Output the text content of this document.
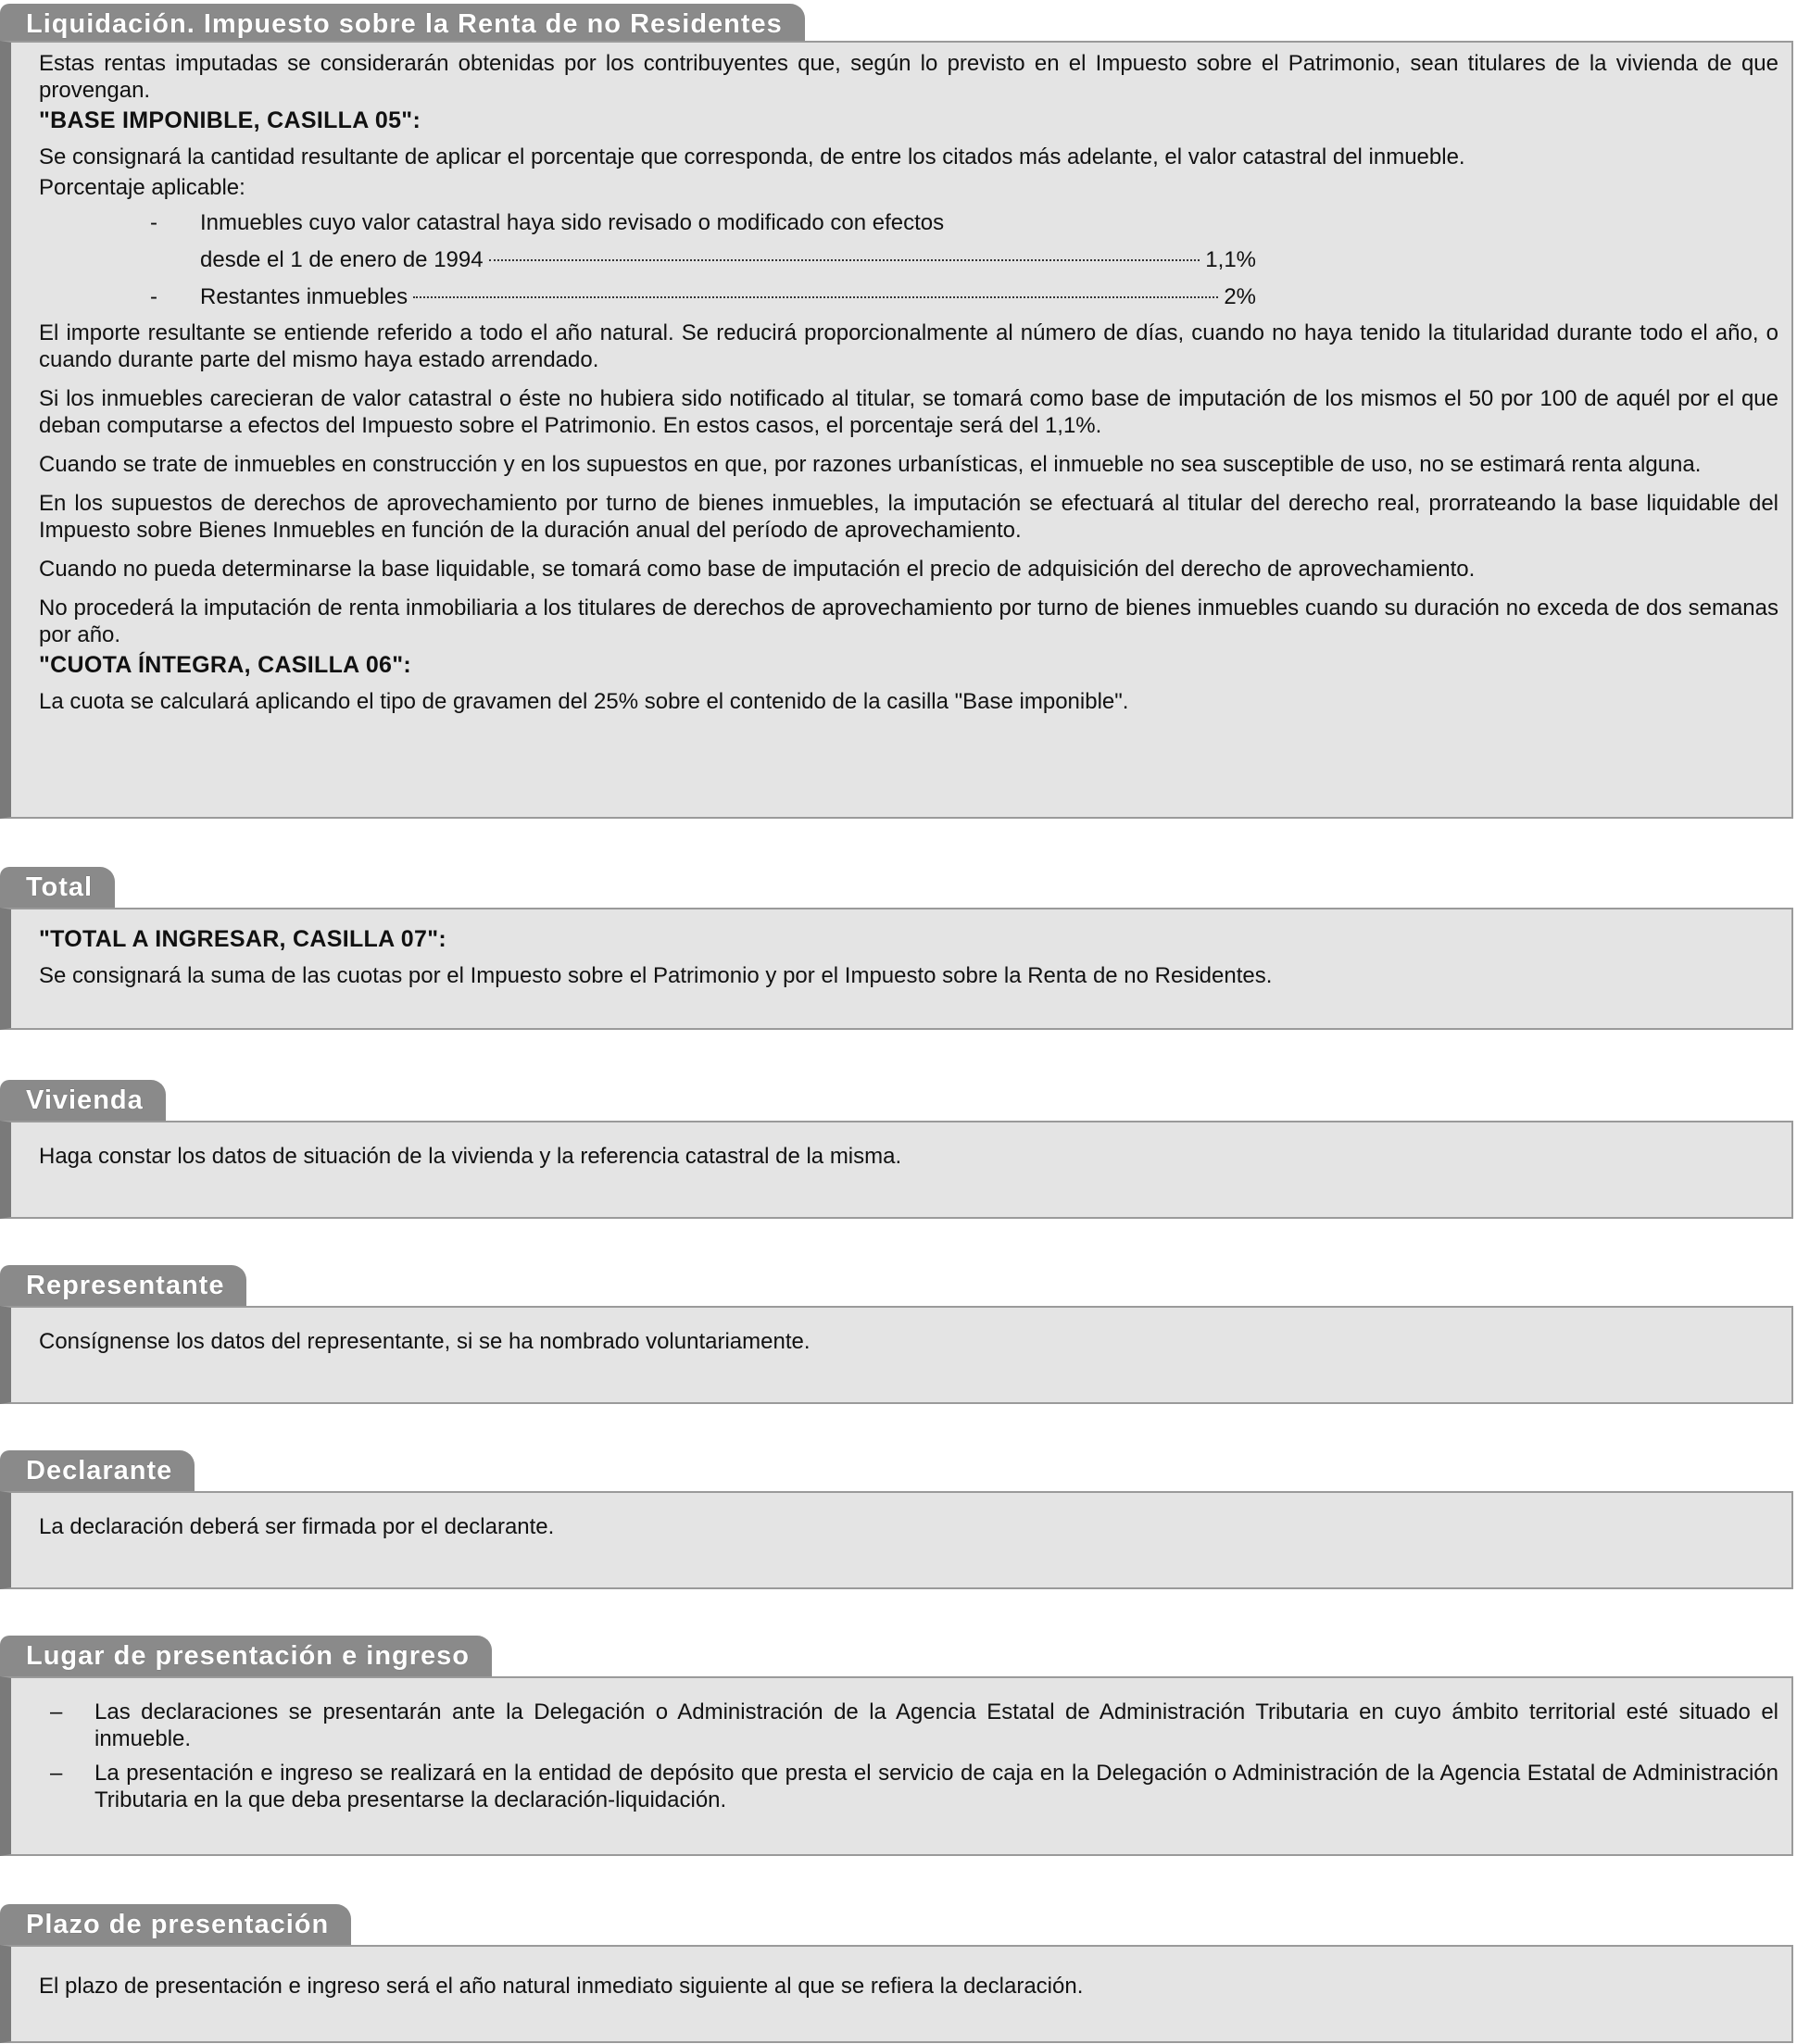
Liquidación. Impuesto sobre la Renta de no Residentes

Estas rentas imputadas se considerarán obtenidas por los contribuyentes que, según lo previsto en el Impuesto sobre el Patrimonio, sean titulares de la vivienda de que provengan.

"BASE IMPONIBLE, CASILLA 05":

Se consignará la cantidad resultante de aplicar el porcentaje que corresponda, de entre los citados más adelante, el valor catastral del inmueble.

Porcentaje aplicable:

- Inmuebles cuyo valor catastral haya sido revisado o modificado con efectos
desde el 1 de enero de 1994	1,1%
- Restantes inmuebles	2%

El importe resultante se entiende referido a todo el año natural. Se reducirá proporcionalmente al número de días, cuando no haya tenido la titularidad durante todo el año, o cuando durante parte del mismo haya estado arrendado.

Si los inmuebles carecieran de valor catastral o éste no hubiera sido notificado al titular, se tomará como base de imputación de los mismos el 50 por 100 de aquél por el que deban computarse a efectos del Impuesto sobre el Patrimonio. En estos casos, el porcentaje será del 1,1%.

Cuando se trate de inmuebles en construcción y en los supuestos en que, por razones urbanísticas, el inmueble no sea susceptible de uso, no se estimará renta alguna.

En los supuestos de derechos de aprovechamiento por turno de bienes inmuebles, la imputación se efectuará al titular del derecho real, prorrateando la base liquidable del Impuesto sobre Bienes Inmuebles en función de la duración anual del período de aprovechamiento.

Cuando no pueda determinarse la base liquidable, se tomará como base de imputación el precio de adquisición del derecho de aprovechamiento.

No procederá la imputación de renta inmobiliaria a los titulares de derechos de aprovechamiento por turno de bienes inmuebles cuando su duración no exceda de dos semanas por año.

"CUOTA ÍNTEGRA, CASILLA 06":

La cuota se calculará aplicando el tipo de gravamen del 25% sobre el contenido de la casilla "Base imponible".

Total

"TOTAL A INGRESAR, CASILLA 07":

Se consignará la suma de las cuotas por el Impuesto sobre el Patrimonio y por el Impuesto sobre la Renta de no Residentes.

Vivienda

Haga constar los datos de situación de la vivienda y la referencia catastral de la misma.

Representante

Consígnense los datos del representante, si se ha nombrado voluntariamente.

Declarante

La declaración deberá ser firmada por el declarante.

Lugar de presentación e ingreso
– Las declaraciones se presentarán ante la Delegación o Administración de la Agencia Estatal de Administración Tributaria en cuyo ámbito territorial esté situado el inmueble.
– La presentación e ingreso se realizará en la entidad de depósito que presta el servicio de caja en la Delegación o Administración de la Agencia Estatal de Administración Tributaria en la que deba presentarse la declaración-liquidación.
Plazo de presentación

El plazo de presentación e ingreso será el año natural inmediato siguiente al que se refiera la declaración.
